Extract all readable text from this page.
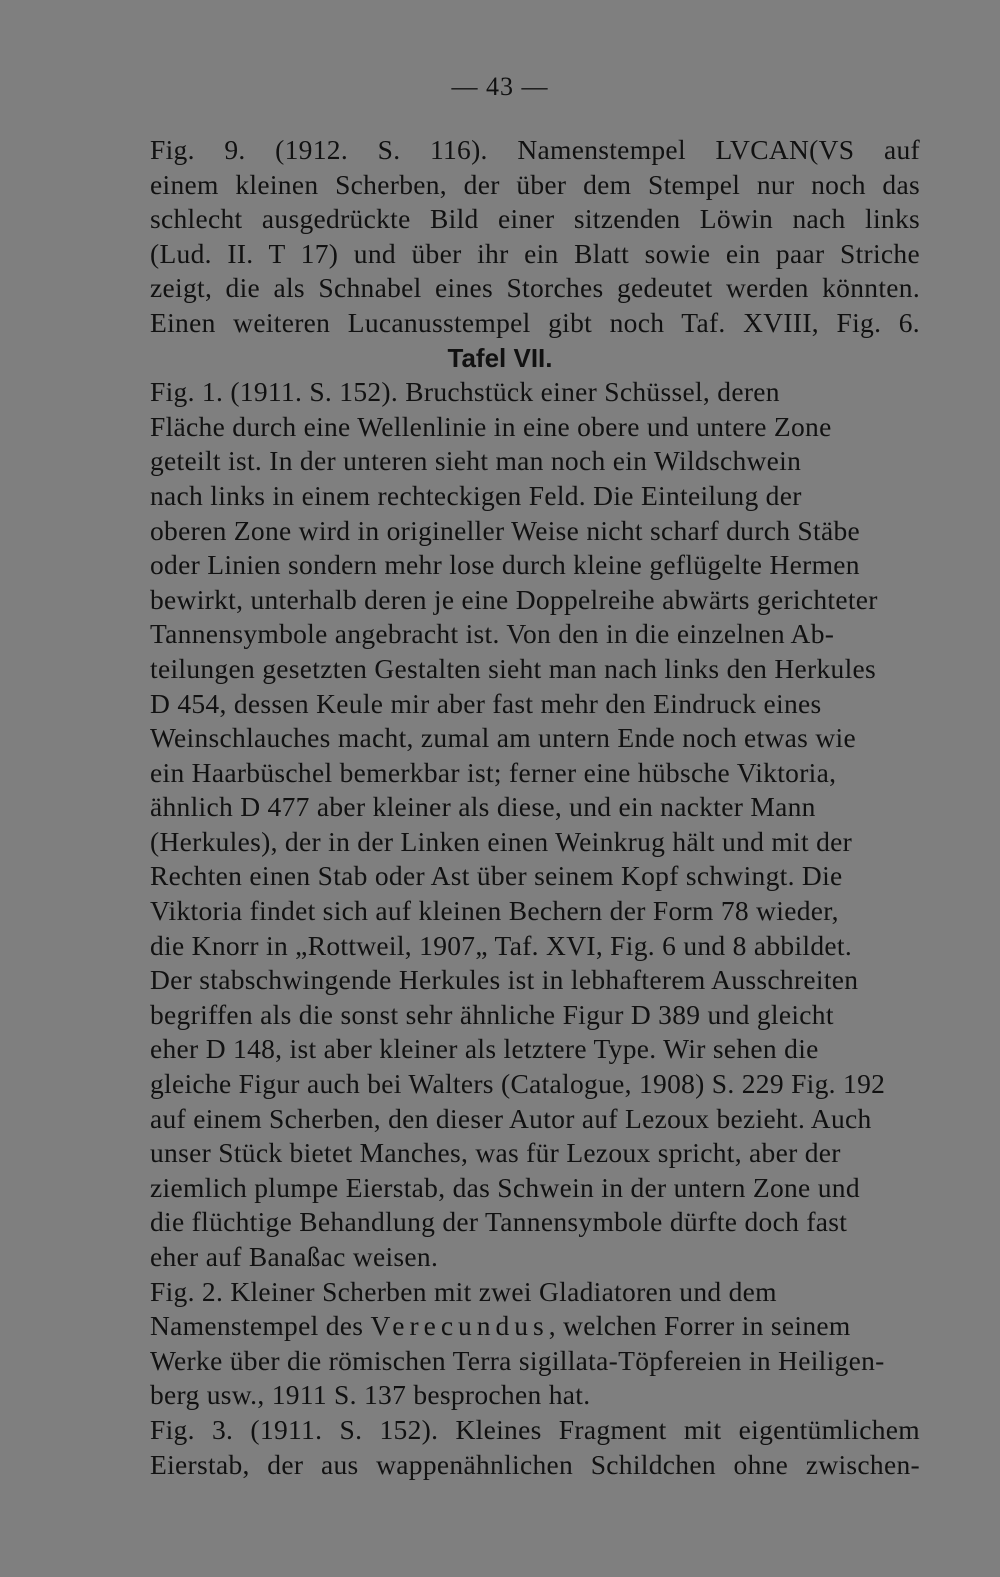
— 43 —

Fig. 9. (1912. S. 116). Namenstempel LVCAN(VS auf
einem kleinen Scherben, der über dem Stempel nur noch das
schlecht ausgedrückte Bild einer sitzenden Löwin nach links
(Lud. II. T 17) und über ihr ein Blatt sowie ein paar Striche
zeigt, die als Schnabel eines Storches gedeutet werden könnten.
Einen weiteren Lucanusstempel gibt noch Taf. XVIII, Fig. 6.

Tafel VII.

Fig. 1. (1911. S. 152). Bruchstück einer Schüssel, deren
Fläche durch eine Wellenlinie in eine obere und untere Zone
geteilt ist. In der unteren sieht man noch ein Wildschwein
nach links in einem rechteckigen Feld. Die Einteilung der
oberen Zone wird in origineller Weise nicht scharf durch Stäbe
oder Linien sondern mehr lose durch kleine geflügelte Hermen
bewirkt, unterhalb deren je eine Doppelreihe abwärts gerichteter
Tannensymbole angebracht ist. Von den in die einzelnen Ab-
teilungen gesetzten Gestalten sieht man nach links den Herkules
D 454, dessen Keule mir aber fast mehr den Eindruck eines
Weinschlauches macht, zumal am untern Ende noch etwas wie
ein Haarbüschel bemerkbar ist; ferner eine hübsche Viktoria,
ähnlich D 477 aber kleiner als diese, und ein nackter Mann
(Herkules), der in der Linken einen Weinkrug hält und mit der
Rechten einen Stab oder Ast über seinem Kopf schwingt. Die
Viktoria findet sich auf kleinen Bechern der Form 78 wieder,
die Knorr in „Rottweil, 1907„ Taf. XVI, Fig. 6 und 8 abbildet.
Der stabschwingende Herkules ist in lebhafterem Ausschreiten
begriffen als die sonst sehr ähnliche Figur D 389 und gleicht
eher D 148, ist aber kleiner als letztere Type. Wir sehen die
gleiche Figur auch bei Walters (Catalogue, 1908) S. 229 Fig. 192
auf einem Scherben, den dieser Autor auf Lezoux bezieht. Auch
unser Stück bietet Manches, was für Lezoux spricht, aber der
ziemlich plumpe Eierstab, das Schwein in der untern Zone und
die flüchtige Behandlung der Tannensymbole dürfte doch fast
eher auf Banaßac weisen.

Fig. 2. Kleiner Scherben mit zwei Gladiatoren und dem
Namenstempel des Verecundus, welchen Forrer in seinem
Werke über die römischen Terra sigillata-Töpfereien in Heiligen-
berg usw., 1911 S. 137 besprochen hat.

Fig. 3. (1911. S. 152). Kleines Fragment mit eigentümlichem
Eierstab, der aus wappenähnlichen Schildchen ohne zwischen-
